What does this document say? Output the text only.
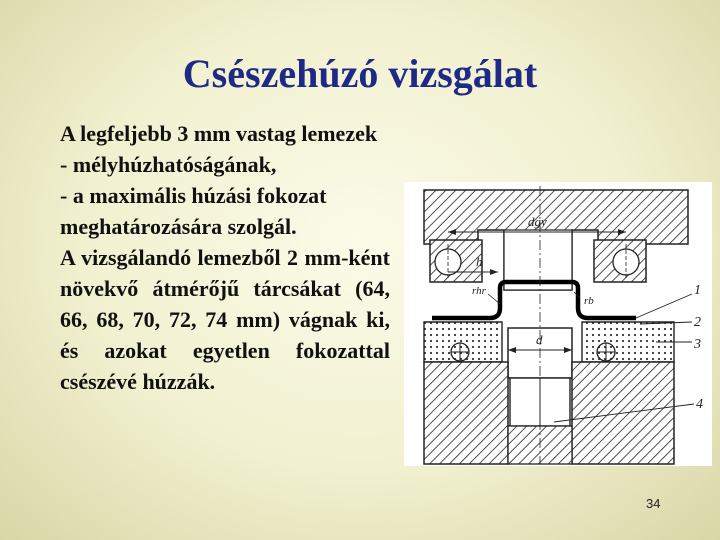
Csészehúzó vizsgálat

A legfeljebb 3 mm vastag lemezek

- mélyhúzhatóságának,

- a maximális húzási fokozat meghatározására szolgál.

A vizsgálandó lemezből 2 mm-ként növekvő átmérőjű tárcsákat (64, 66, 68, 70, 72, 74 mm) vágnak ki, és azokat egyetlen fokozattal csészévé húzzák.

dgy
h
rhr
rb
d
1
2
3
4
34
